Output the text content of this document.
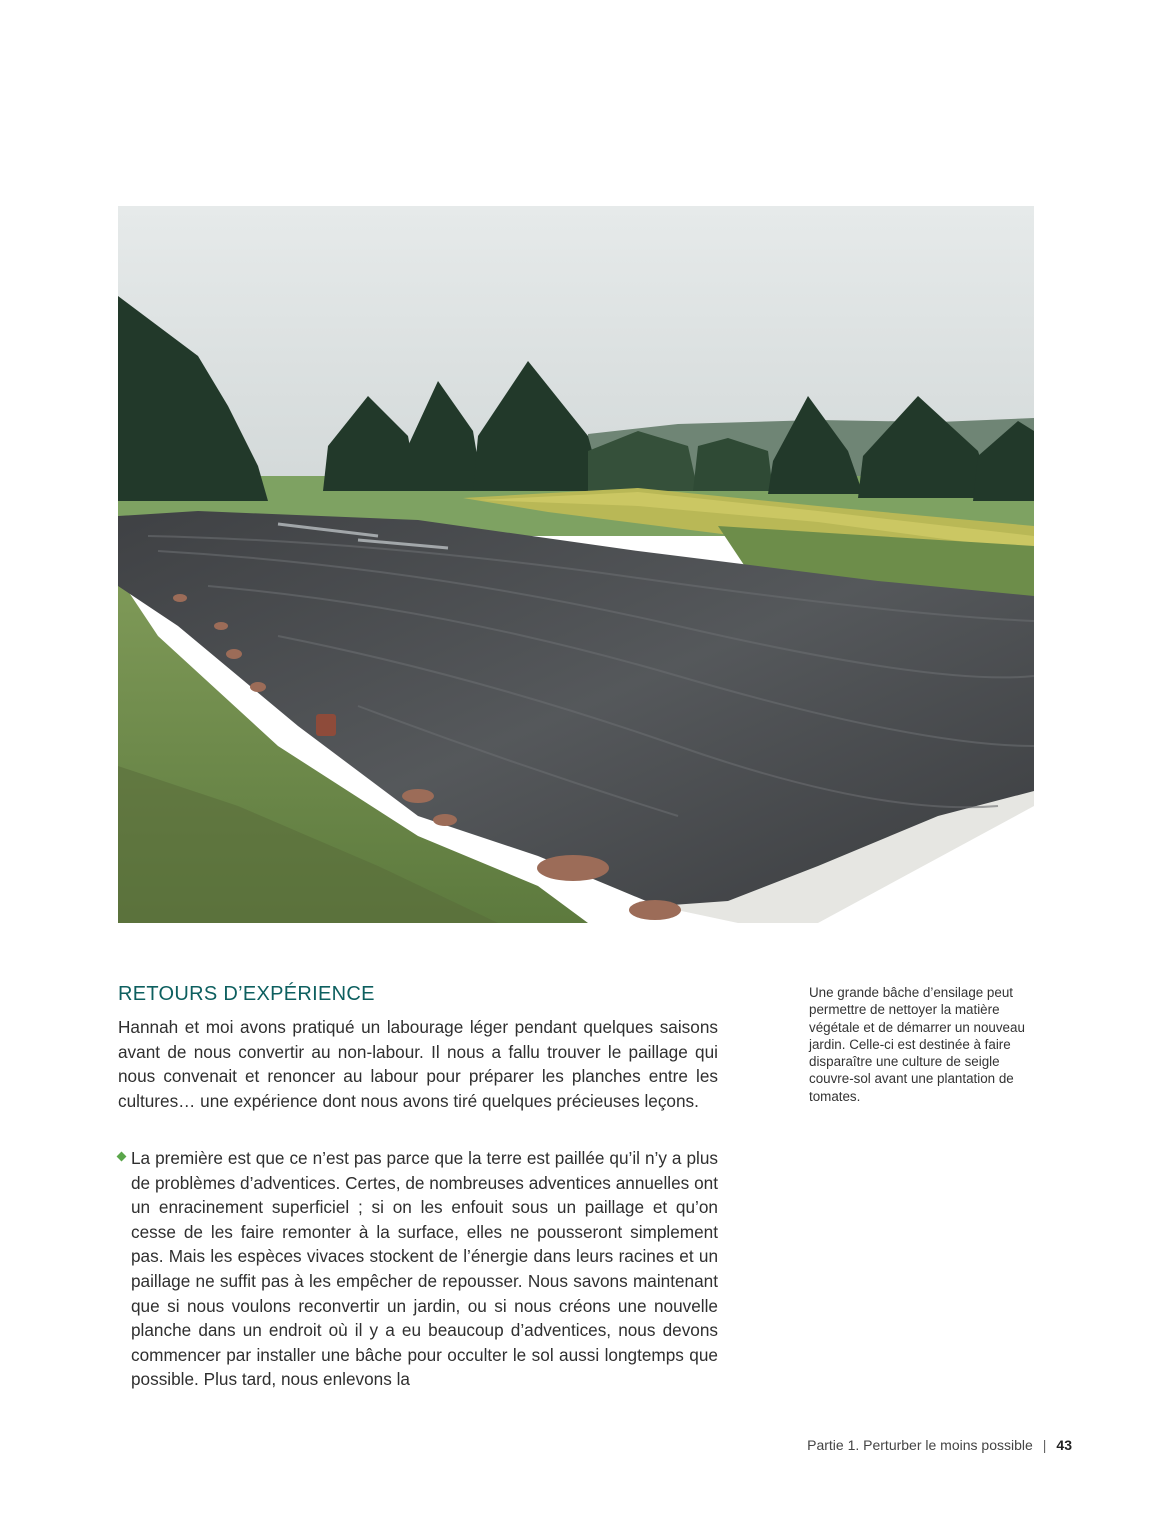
RETOURS D’EXPÉRIENCE

Hannah et moi avons pratiqué un labourage léger pendant quelques saisons avant de nous convertir au non-labour. Il nous a fallu trouver le paillage qui nous convenait et renoncer au labour pour préparer les planches entre les cultures… une expérience dont nous avons tiré quelques précieuses leçons.

La première est que ce n’est pas parce que la terre est paillée qu’il n’y a plus de problèmes d’adventices. Certes, de nombreuses adventices annuelles ont un enracinement superficiel ; si on les enfouit sous un paillage et qu’on cesse de les faire remonter à la surface, elles ne pousseront simplement pas. Mais les espèces vivaces stockent de l’énergie dans leurs racines et un paillage ne suffit pas à les empêcher de repousser. Nous savons maintenant que si nous voulons reconvertir un jardin, ou si nous créons une nouvelle planche dans un endroit où il y a eu beaucoup d’adventices, nous devons commencer par installer une bâche pour occulter le sol aussi longtemps que possible. Plus tard, nous enlevons la

Une grande bâche d’ensilage peut permettre de nettoyer la matière végétale et de démarrer un nouveau jardin. Celle-ci est destinée à faire disparaître une culture de seigle couvre-sol avant une plantation de tomates.

Partie 1. Perturber le moins possible | 43
